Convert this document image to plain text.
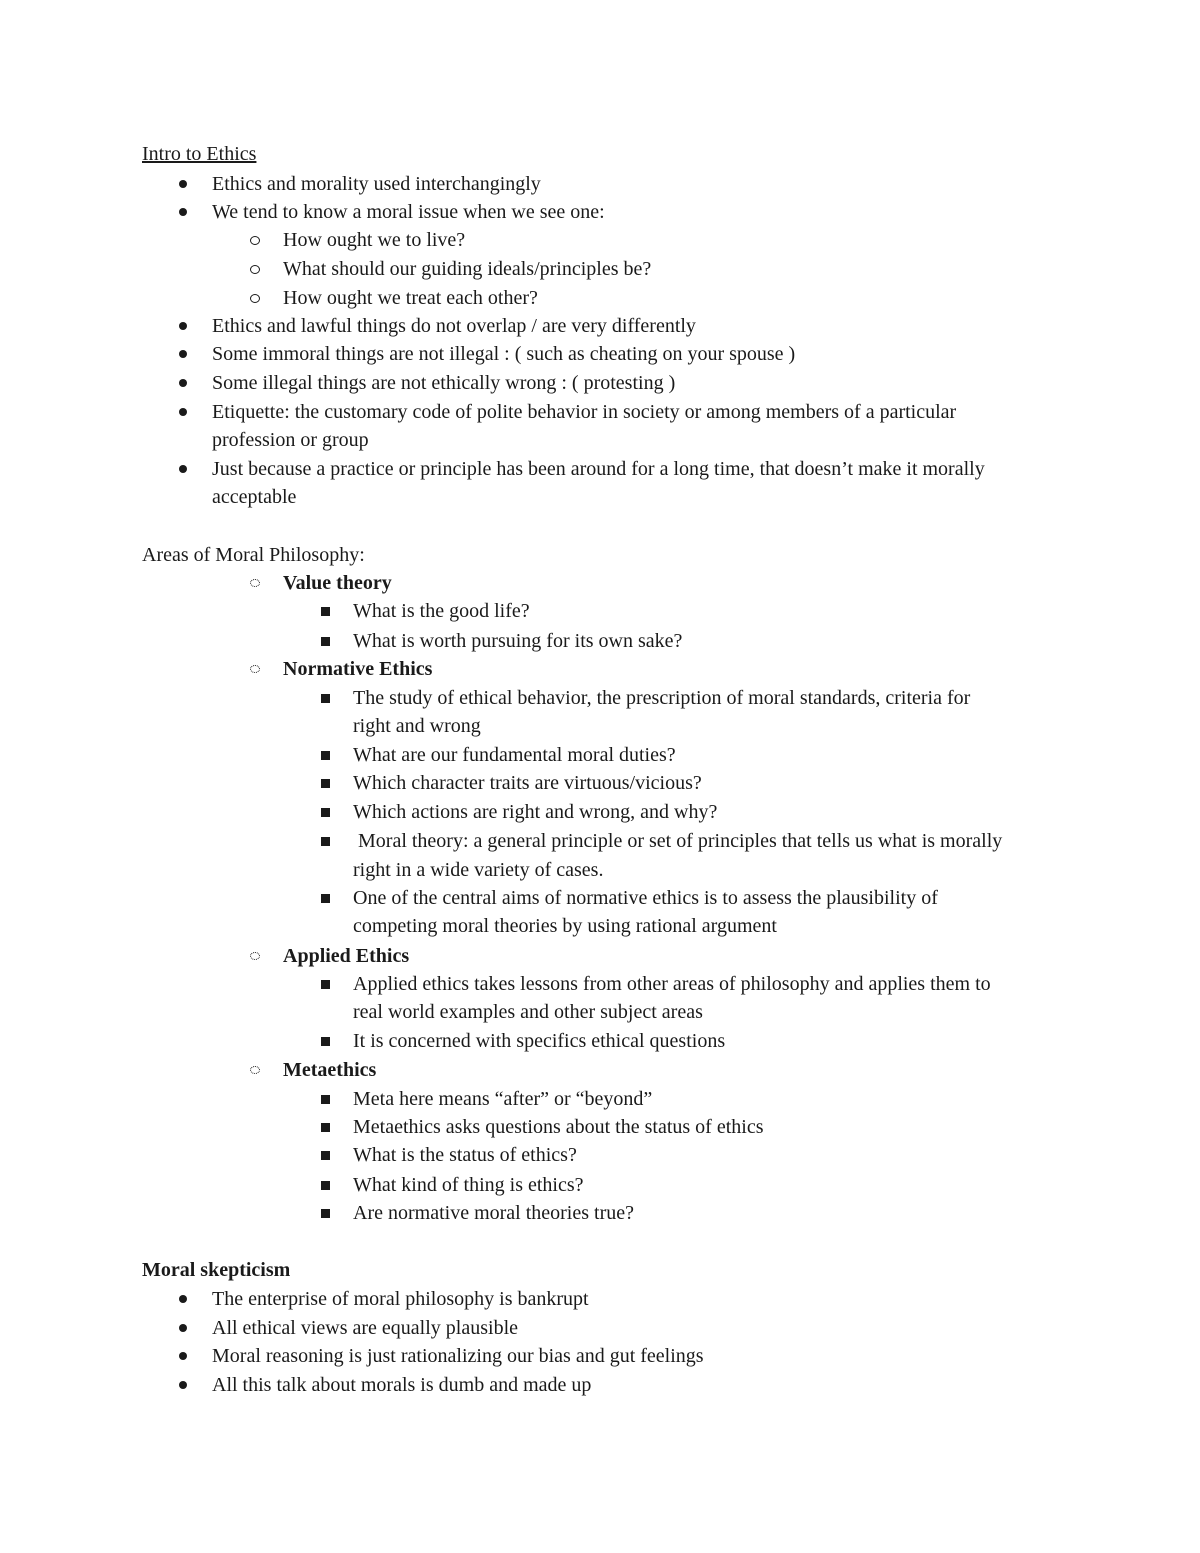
Intro to Ethics
Ethics and morality used interchangingly
We tend to know a moral issue when we see one:
How ought we to live?
What should our guiding ideals/principles be?
How ought we treat each other?
Ethics and lawful things do not overlap / are very differently
Some immoral things are not illegal : ( such as cheating on your spouse )
Some illegal things are not ethically wrong : ( protesting )
Etiquette: the customary code of polite behavior in society or among members of a particular
profession or group
Just because a practice or principle has been around for a long time, that doesn’t make it morally
acceptable
Areas of Moral Philosophy:
Value theory
What is the good life?
What is worth pursuing for its own sake?
Normative Ethics
The study of ethical behavior, the prescription of moral standards, criteria for
right and wrong
What are our fundamental moral duties?
Which character traits are virtuous/vicious?
Which actions are right and wrong, and why?
Moral theory: a general principle or set of principles that tells us what is morally
right in a wide variety of cases.
One of the central aims of normative ethics is to assess the plausibility of
competing moral theories by using rational argument
Applied Ethics
Applied ethics takes lessons from other areas of philosophy and applies them to
real world examples and other subject areas
It is concerned with specifics ethical questions
Metaethics
Meta here means “after” or “beyond”
Metaethics asks questions about the status of ethics
What is the status of ethics?
What kind of thing is ethics?
Are normative moral theories true?
Moral skepticism
The enterprise of moral philosophy is bankrupt
All ethical views are equally plausible
Moral reasoning is just rationalizing our bias and gut feelings
All this talk about morals is dumb and made up
